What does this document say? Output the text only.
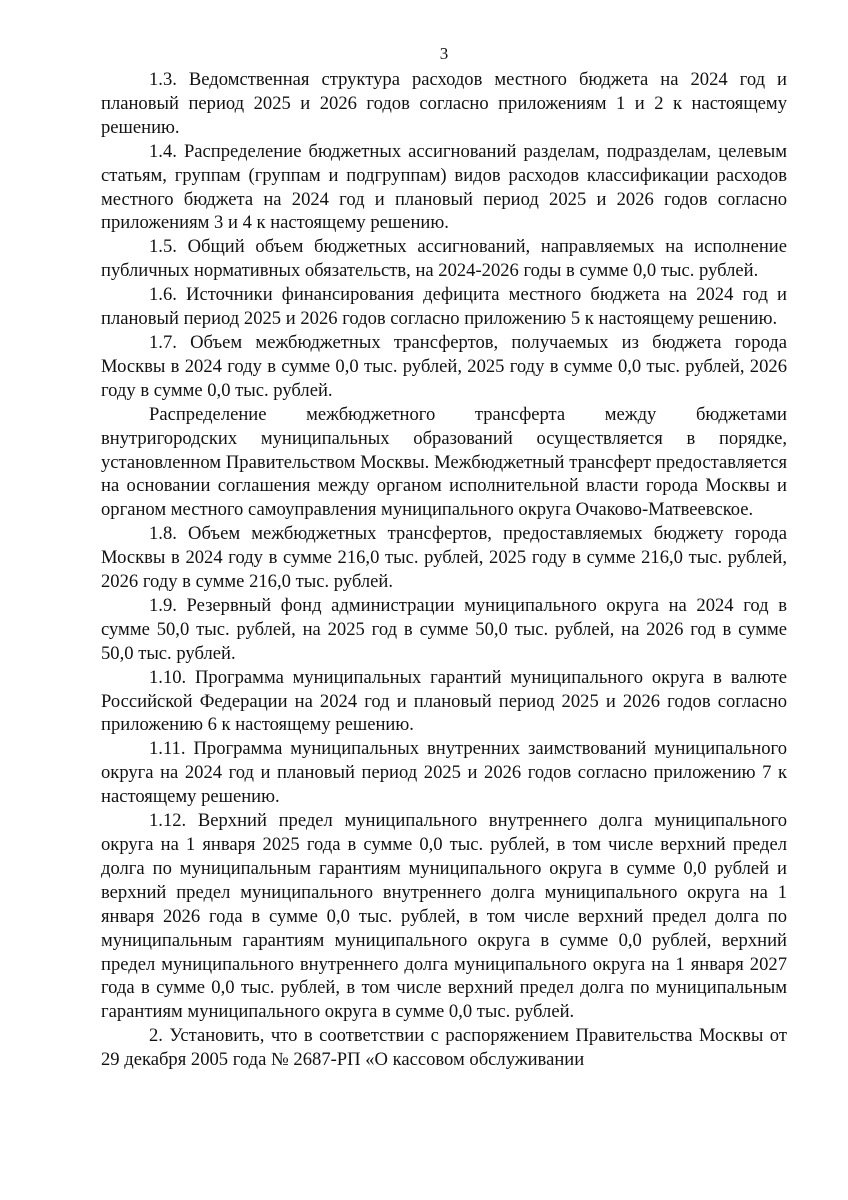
3

1.3. Ведомственная структура расходов местного бюджета на 2024 год и плановый период 2025 и 2026 годов согласно приложениям 1 и 2 к настоящему решению.

1.4. Распределение бюджетных ассигнований разделам, подразделам, целевым статьям, группам (группам и подгруппам) видов расходов классификации расходов местного бюджета на 2024 год и плановый период 2025 и 2026 годов согласно приложениям 3 и 4 к настоящему решению.

1.5. Общий объем бюджетных ассигнований, направляемых на исполнение публичных нормативных обязательств, на 2024-2026 годы в сумме 0,0 тыс. рублей.

1.6. Источники финансирования дефицита местного бюджета на 2024 год и плановый период 2025 и 2026 годов согласно приложению 5 к настоящему решению.

1.7. Объем межбюджетных трансфертов, получаемых из бюджета города Москвы в 2024 году в сумме 0,0 тыс. рублей, 2025 году в сумме 0,0 тыс. рублей, 2026 году в сумме 0,0 тыс. рублей.

Распределение межбюджетного трансферта между бюджетами внутригородских муниципальных образований осуществляется в порядке, установленном Правительством Москвы. Межбюджетный трансферт предоставляется на основании соглашения между органом исполнительной власти города Москвы и органом местного самоуправления муниципального округа Очаково-Матвеевское.

1.8. Объем межбюджетных трансфертов, предоставляемых бюджету города Москвы в 2024 году в сумме 216,0 тыс. рублей, 2025 году в сумме 216,0 тыс. рублей, 2026 году в сумме 216,0 тыс. рублей.

1.9. Резервный фонд администрации муниципального округа на 2024 год в сумме 50,0 тыс. рублей, на 2025 год в сумме 50,0 тыс. рублей, на 2026 год в сумме 50,0 тыс. рублей.

1.10. Программа муниципальных гарантий муниципального округа в валюте Российской Федерации на 2024 год и плановый период 2025 и 2026 годов согласно приложению 6 к настоящему решению.

1.11. Программа муниципальных внутренних заимствований муниципального округа на 2024 год и плановый период 2025 и 2026 годов согласно приложению 7 к настоящему решению.

1.12. Верхний предел муниципального внутреннего долга муниципального округа на 1 января 2025 года в сумме 0,0 тыс. рублей, в том числе верхний предел долга по муниципальным гарантиям муниципального округа в сумме 0,0 рублей и верхний предел муниципального внутреннего долга муниципального округа на 1 января 2026 года в сумме 0,0 тыс. рублей, в том числе верхний предел долга по муниципальным гарантиям муниципального округа в сумме 0,0 рублей, верхний предел муниципального внутреннего долга муниципального округа на 1 января 2027 года в сумме 0,0 тыс. рублей, в том числе верхний предел долга по муниципальным гарантиям муниципального округа в сумме 0,0 тыс. рублей.

2. Установить, что в соответствии с распоряжением Правительства Москвы от 29 декабря 2005 года № 2687-РП «О кассовом обслуживании
